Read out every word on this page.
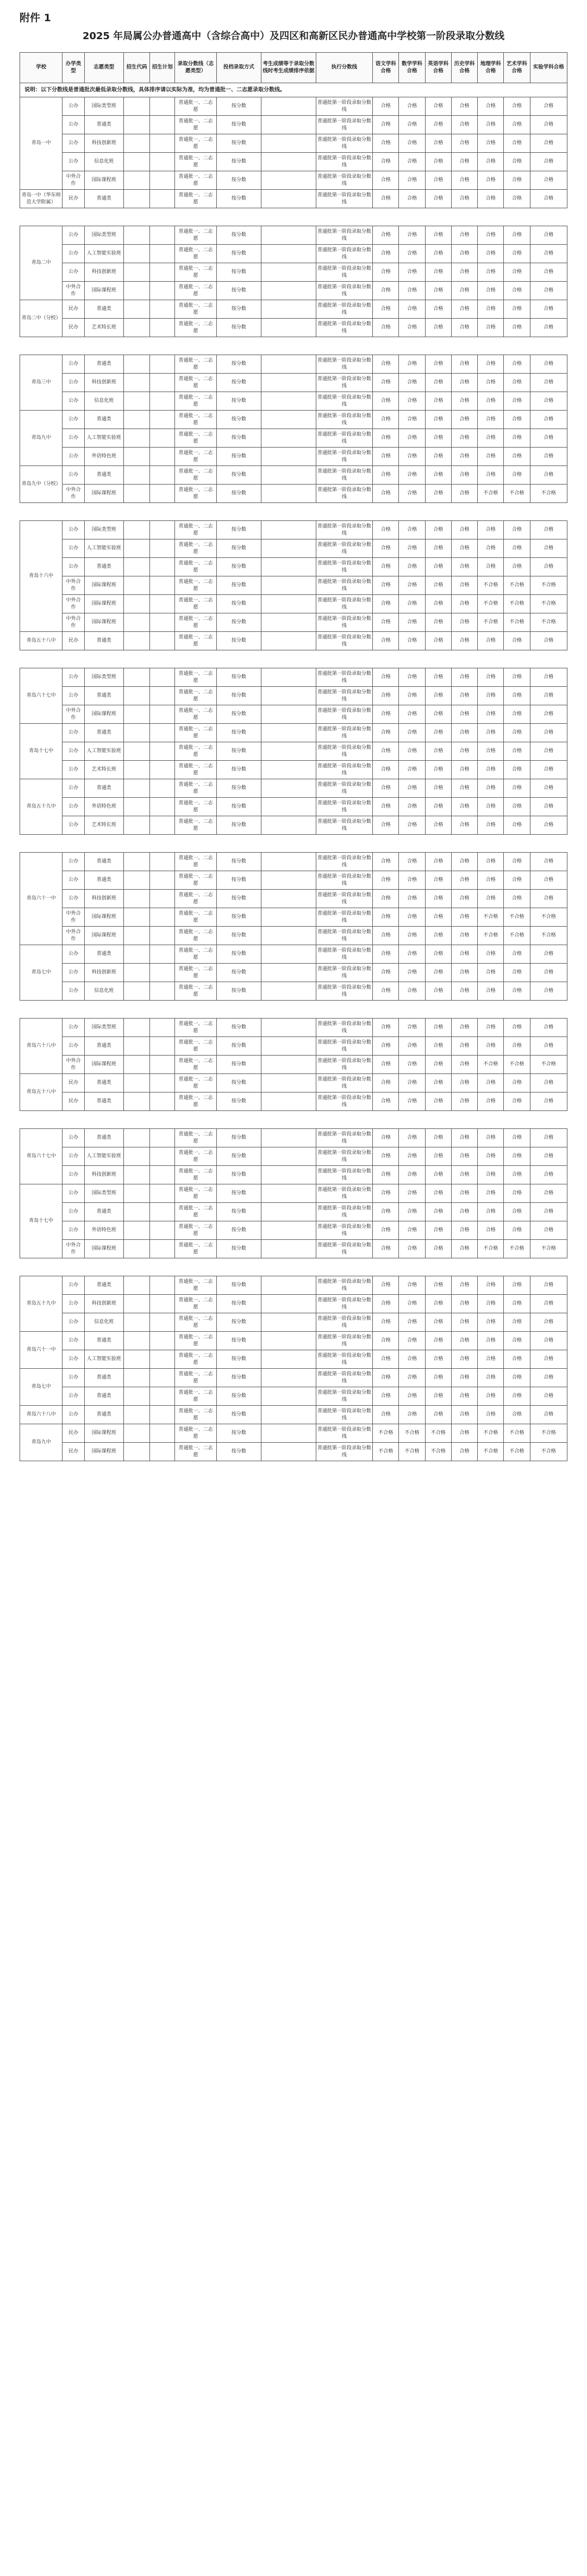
附件 1
2025 年局属公办普通高中（含综合高中）及四区和高新区民办普通高中学校第一阶段录取分数线
学校	办学类型	志愿类型	招生代码	招生计划	录取分数线（志愿类型）	投档录取方式	考生成绩等于录取分数线时考生成绩排序依据	执行分数线	语文学科合格	数学学科合格	英语学科合格	历史学科合格	地理学科合格	艺术学科合格	实验学科合格
说明：以下分数线是普通批次最低录取分数线，具体排序请以实际为准，均为普通批一、二志愿录取分数线。															
青岛一中	公办	国际类型班			普通批一、二志愿	按分数		普通批第一阶段录取分数线	合格	合格	合格	合格	合格	合格	合格
	公办	普通类			普通批一、二志愿	按分数		普通批第一阶段录取分数线	合格	合格	合格	合格	合格	合格	合格
	公办	科技创新班			普通批一、二志愿	按分数		普通批第一阶段录取分数线	合格	合格	合格	合格	合格	合格	合格
	公办	信息化班			普通批一、二志愿	按分数		普通批第一阶段录取分数线	合格	合格	合格	合格	合格	合格	合格
	中外合作	国际课程班			普通批一、二志愿	按分数		普通批第一阶段录取分数线	合格	合格	合格	合格	合格	合格	合格
青岛一中（华东师范大学附属）	民办	普通类			普通批一、二志愿	按分数		普通批第一阶段录取分数线	合格	合格	合格	合格	合格	合格	合格

青岛二中	公办	国际类型班			普通批一、二志愿	按分数		普通批第一阶段录取分数线	合格	合格	合格	合格	合格	合格	合格
	公办	人工智能实验班			普通批一、二志愿	按分数		普通批第一阶段录取分数线	合格	合格	合格	合格	合格	合格	合格
	公办	科技创新班			普通批一、二志愿	按分数		普通批第一阶段录取分数线	合格	合格	合格	合格	合格	合格	合格
	中外合作	国际课程班			普通批一、二志愿	按分数		普通批第一阶段录取分数线	合格	合格	合格	合格	合格	合格	合格
青岛二中（分校）	民办	普通类			普通批一、二志愿	按分数		普通批第一阶段录取分数线	合格	合格	合格	合格	合格	合格	合格
	民办	艺术特长班			普通批一、二志愿	按分数		普通批第一阶段录取分数线	合格	合格	合格	合格	合格	合格	合格

青岛三中	公办	普通类			普通批一、二志愿	按分数		普通批第一阶段录取分数线	合格	合格	合格	合格	合格	合格	合格
	公办	科技创新班			普通批一、二志愿	按分数		普通批第一阶段录取分数线	合格	合格	合格	合格	合格	合格	合格
	公办	信息化班			普通批一、二志愿	按分数		普通批第一阶段录取分数线	合格	合格	合格	合格	合格	合格	合格
青岛九中	公办	普通类			普通批一、二志愿	按分数		普通批第一阶段录取分数线	合格	合格	合格	合格	合格	合格	合格
	公办	人工智能实验班			普通批一、二志愿	按分数		普通批第一阶段录取分数线	合格	合格	合格	合格	合格	合格	合格
	公办	外语特色班			普通批一、二志愿	按分数		普通批第一阶段录取分数线	合格	合格	合格	合格	合格	合格	合格
青岛九中（分校）	公办	普通类			普通批一、二志愿	按分数		普通批第一阶段录取分数线	合格	合格	合格	合格	合格	合格	合格
	中外合作	国际课程班			普通批一、二志愿	按分数		普通批第一阶段录取分数线	合格	合格	合格	合格	不合格	不合格	不合格

青岛十六中	公办	国际类型班			普通批一、二志愿	按分数		普通批第一阶段录取分数线	合格	合格	合格	合格	合格	合格	合格
	公办	人工智能实验班			普通批一、二志愿	按分数		普通批第一阶段录取分数线	合格	合格	合格	合格	合格	合格	合格
	公办	普通类			普通批一、二志愿	按分数		普通批第一阶段录取分数线	合格	合格	合格	合格	合格	合格	合格
	中外合作	国际课程班			普通批一、二志愿	按分数		普通批第一阶段录取分数线	合格	合格	合格	合格	不合格	不合格	不合格
	中外合作	国际课程班			普通批一、二志愿	按分数		普通批第一阶段录取分数线	合格	合格	合格	合格	不合格	不合格	不合格
	中外合作	国际课程班			普通批一、二志愿	按分数		普通批第一阶段录取分数线	合格	合格	合格	合格	不合格	不合格	不合格
青岛五十八中	民办	普通类			普通批一、二志愿	按分数		普通批第一阶段录取分数线	合格	合格	合格	合格	合格	合格	合格

青岛六十七中	公办	国际类型班			普通批一、二志愿	按分数		普通批第一阶段录取分数线	合格	合格	合格	合格	合格	合格	合格
	公办	普通类			普通批一、二志愿	按分数		普通批第一阶段录取分数线	合格	合格	合格	合格	合格	合格	合格
	中外合作	国际课程班			普通批一、二志愿	按分数		普通批第一阶段录取分数线	合格	合格	合格	合格	合格	合格	合格
青岛十七中	公办	普通类			普通批一、二志愿	按分数		普通批第一阶段录取分数线	合格	合格	合格	合格	合格	合格	合格
	公办	人工智能实验班			普通批一、二志愿	按分数		普通批第一阶段录取分数线	合格	合格	合格	合格	合格	合格	合格
	公办	艺术特长班			普通批一、二志愿	按分数		普通批第一阶段录取分数线	合格	合格	合格	合格	合格	合格	合格
青岛五十九中	公办	普通类			普通批一、二志愿	按分数		普通批第一阶段录取分数线	合格	合格	合格	合格	合格	合格	合格
	公办	外语特色班			普通批一、二志愿	按分数		普通批第一阶段录取分数线	合格	合格	合格	合格	合格	合格	合格
	公办	艺术特长班			普通批一、二志愿	按分数		普通批第一阶段录取分数线	合格	合格	合格	合格	合格	合格	合格

青岛六十一中	公办	普通类			普通批一、二志愿	按分数		普通批第一阶段录取分数线	合格	合格	合格	合格	合格	合格	合格
	公办	普通类			普通批一、二志愿	按分数		普通批第一阶段录取分数线	合格	合格	合格	合格	合格	合格	合格
	公办	科技创新班			普通批一、二志愿	按分数		普通批第一阶段录取分数线	合格	合格	合格	合格	合格	合格	合格
	中外合作	国际课程班			普通批一、二志愿	按分数		普通批第一阶段录取分数线	合格	合格	合格	合格	不合格	不合格	不合格
	中外合作	国际课程班			普通批一、二志愿	按分数		普通批第一阶段录取分数线	合格	合格	合格	合格	不合格	不合格	不合格
青岛七中	公办	普通类			普通批一、二志愿	按分数		普通批第一阶段录取分数线	合格	合格	合格	合格	合格	合格	合格
	公办	科技创新班			普通批一、二志愿	按分数		普通批第一阶段录取分数线	合格	合格	合格	合格	合格	合格	合格
	公办	信息化班			普通批一、二志愿	按分数		普通批第一阶段录取分数线	合格	合格	合格	合格	合格	合格	合格

青岛六十八中	公办	国际类型班			普通批一、二志愿	按分数		普通批第一阶段录取分数线	合格	合格	合格	合格	合格	合格	合格
	公办	普通类			普通批一、二志愿	按分数		普通批第一阶段录取分数线	合格	合格	合格	合格	合格	合格	合格
	中外合作	国际课程班			普通批一、二志愿	按分数		普通批第一阶段录取分数线	合格	合格	合格	合格	不合格	不合格	不合格
青岛五十八中	民办	普通类			普通批一、二志愿	按分数		普通批第一阶段录取分数线	合格	合格	合格	合格	合格	合格	合格
	民办	普通类			普通批一、二志愿	按分数		普通批第一阶段录取分数线	合格	合格	合格	合格	合格	合格	合格

青岛六十七中	公办	普通类			普通批一、二志愿	按分数		普通批第一阶段录取分数线	合格	合格	合格	合格	合格	合格	合格
	公办	人工智能实验班			普通批一、二志愿	按分数		普通批第一阶段录取分数线	合格	合格	合格	合格	合格	合格	合格
	公办	科技创新班			普通批一、二志愿	按分数		普通批第一阶段录取分数线	合格	合格	合格	合格	合格	合格	合格
青岛十七中	公办	国际类型班			普通批一、二志愿	按分数		普通批第一阶段录取分数线	合格	合格	合格	合格	合格	合格	合格
	公办	普通类			普通批一、二志愿	按分数		普通批第一阶段录取分数线	合格	合格	合格	合格	合格	合格	合格
	公办	外语特色班			普通批一、二志愿	按分数		普通批第一阶段录取分数线	合格	合格	合格	合格	合格	合格	合格
	中外合作	国际课程班			普通批一、二志愿	按分数		普通批第一阶段录取分数线	合格	合格	合格	合格	不合格	不合格	不合格

青岛五十九中	公办	普通类			普通批一、二志愿	按分数		普通批第一阶段录取分数线	合格	合格	合格	合格	合格	合格	合格
	公办	科技创新班			普通批一、二志愿	按分数		普通批第一阶段录取分数线	合格	合格	合格	合格	合格	合格	合格
	公办	信息化班			普通批一、二志愿	按分数		普通批第一阶段录取分数线	合格	合格	合格	合格	合格	合格	合格
青岛六十一中	公办	普通类			普通批一、二志愿	按分数		普通批第一阶段录取分数线	合格	合格	合格	合格	合格	合格	合格
	公办	人工智能实验班			普通批一、二志愿	按分数		普通批第一阶段录取分数线	合格	合格	合格	合格	合格	合格	合格
青岛七中	公办	普通类			普通批一、二志愿	按分数		普通批第一阶段录取分数线	合格	合格	合格	合格	合格	合格	合格
	公办	普通类			普通批一、二志愿	按分数		普通批第一阶段录取分数线	合格	合格	合格	合格	合格	合格	合格
青岛六十八中	公办	普通类			普通批一、二志愿	按分数		普通批第一阶段录取分数线	合格	合格	合格	合格	合格	合格	合格
青岛九中	民办	国际课程班			普通批一、二志愿	按分数		普通批第一阶段录取分数线	不合格	不合格	不合格	合格	不合格	不合格	不合格
	民办	国际课程班			普通批一、二志愿	按分数		普通批第一阶段录取分数线	不合格	不合格	不合格	合格	不合格	不合格	不合格
